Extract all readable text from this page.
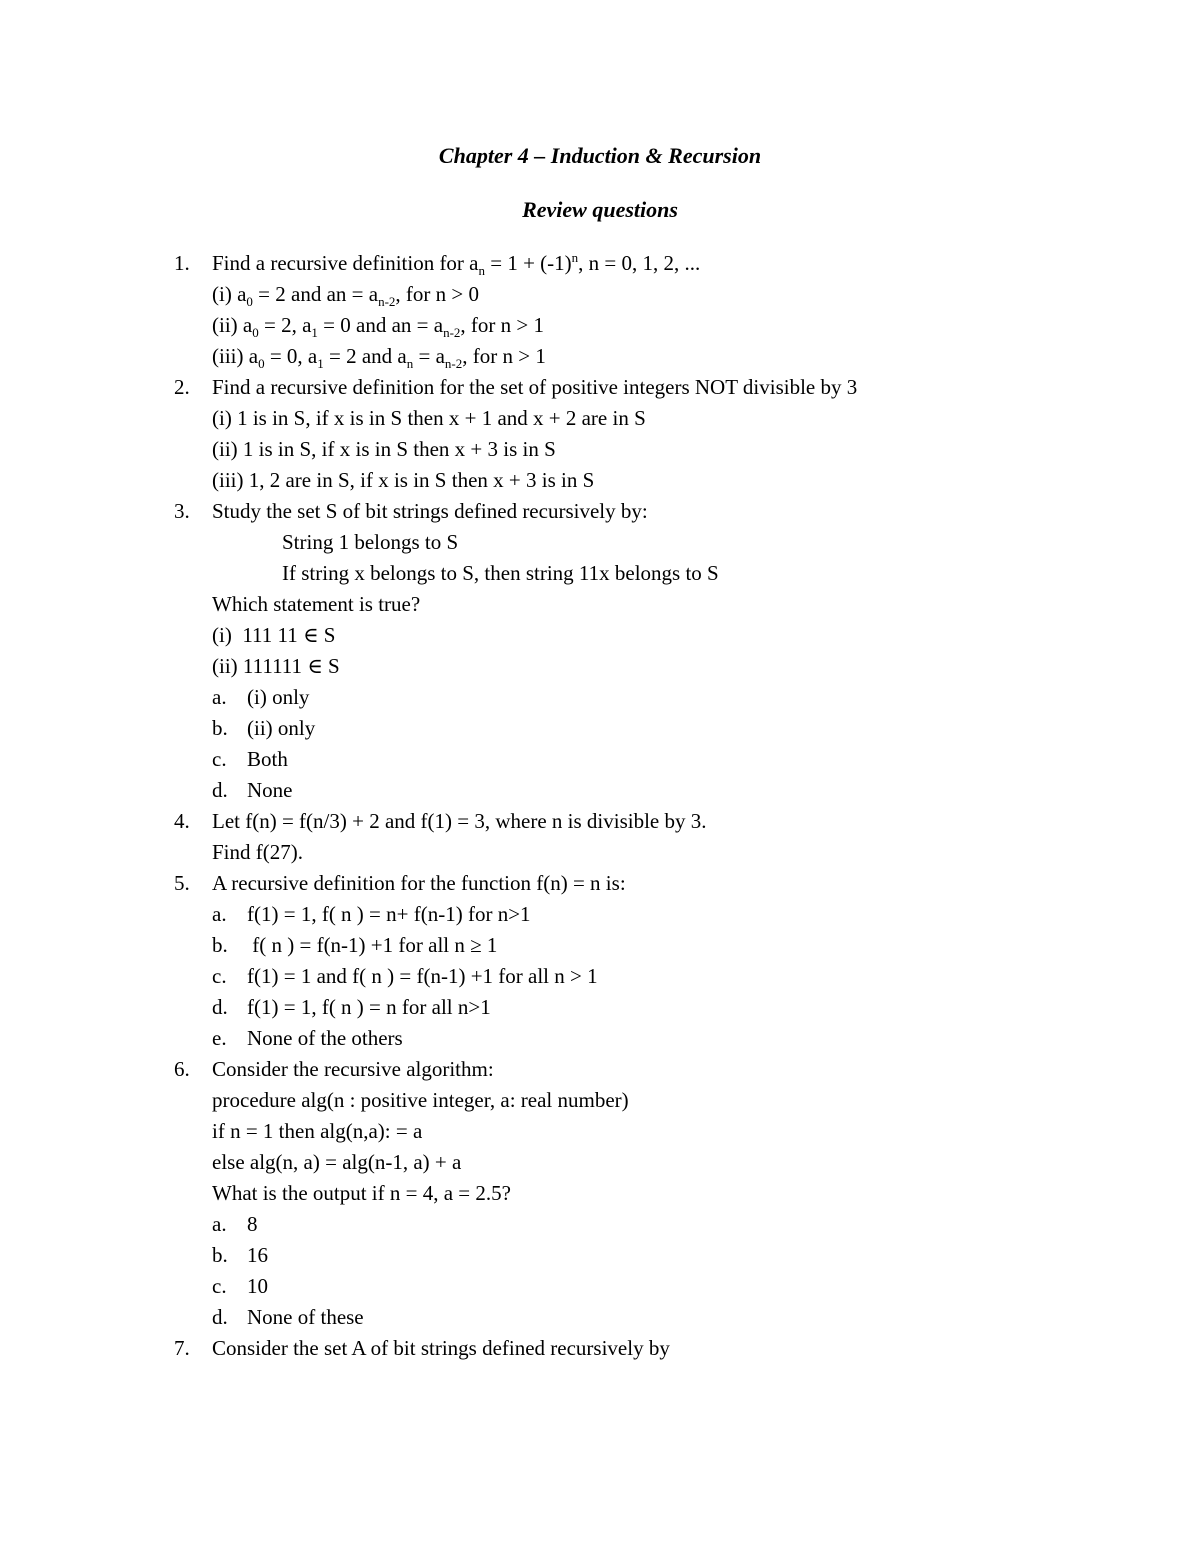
Chapter 4 – Induction & Recursion
Review questions
1. Find a recursive definition for $a_n = 1 + (-1)^n$, n = 0, 1, 2, ...
(i) $a_0 = 2$ and an = $a_{n-2}$, for n > 0
(ii) $a_0 = 2$, $a_1 = 0$ and an = $a_{n-2}$, for n > 1
(iii) $a_0 = 0$, $a_1 = 2$ and $a_n = a_{n-2}$, for n > 1
2. Find a recursive definition for the set of positive integers NOT divisible by 3
(i) 1 is in S, if x is in S then x + 1 and x + 2 are in S
(ii) 1 is in S, if x is in S then x + 3 is in S
(iii) 1, 2 are in S, if x is in S then x + 3 is in S
3. Study the set S of bit strings defined recursively by:
String 1 belongs to S
If string x belongs to S, then string 11x belongs to S
Which statement is true?
(i)  111 11 ∈ S
(ii) 111111 ∈ S
a. (i) only
b. (ii) only
c. Both
d. None
4. Let f(n) = f(n/3) + 2 and f(1) = 3, where n is divisible by 3.
Find f(27).
5. A recursive definition for the function f(n) = n is:
a. f(1) = 1, f( n ) = n+ f(n-1) for n>1
b. f( n ) = f(n-1) +1 for all n ≥ 1
c. f(1) = 1 and f( n ) = f(n-1) +1 for all n > 1
d. f(1) = 1, f( n ) = n for all n>1
e. None of the others
6. Consider the recursive algorithm:
procedure alg(n : positive integer, a: real number)
if n = 1 then alg(n,a): = a
else alg(n, a) = alg(n-1, a) + a
What is the output if n = 4, a = 2.5?
a. 8
b. 16
c. 10
d. None of these
7. Consider the set A of bit strings defined recursively by
